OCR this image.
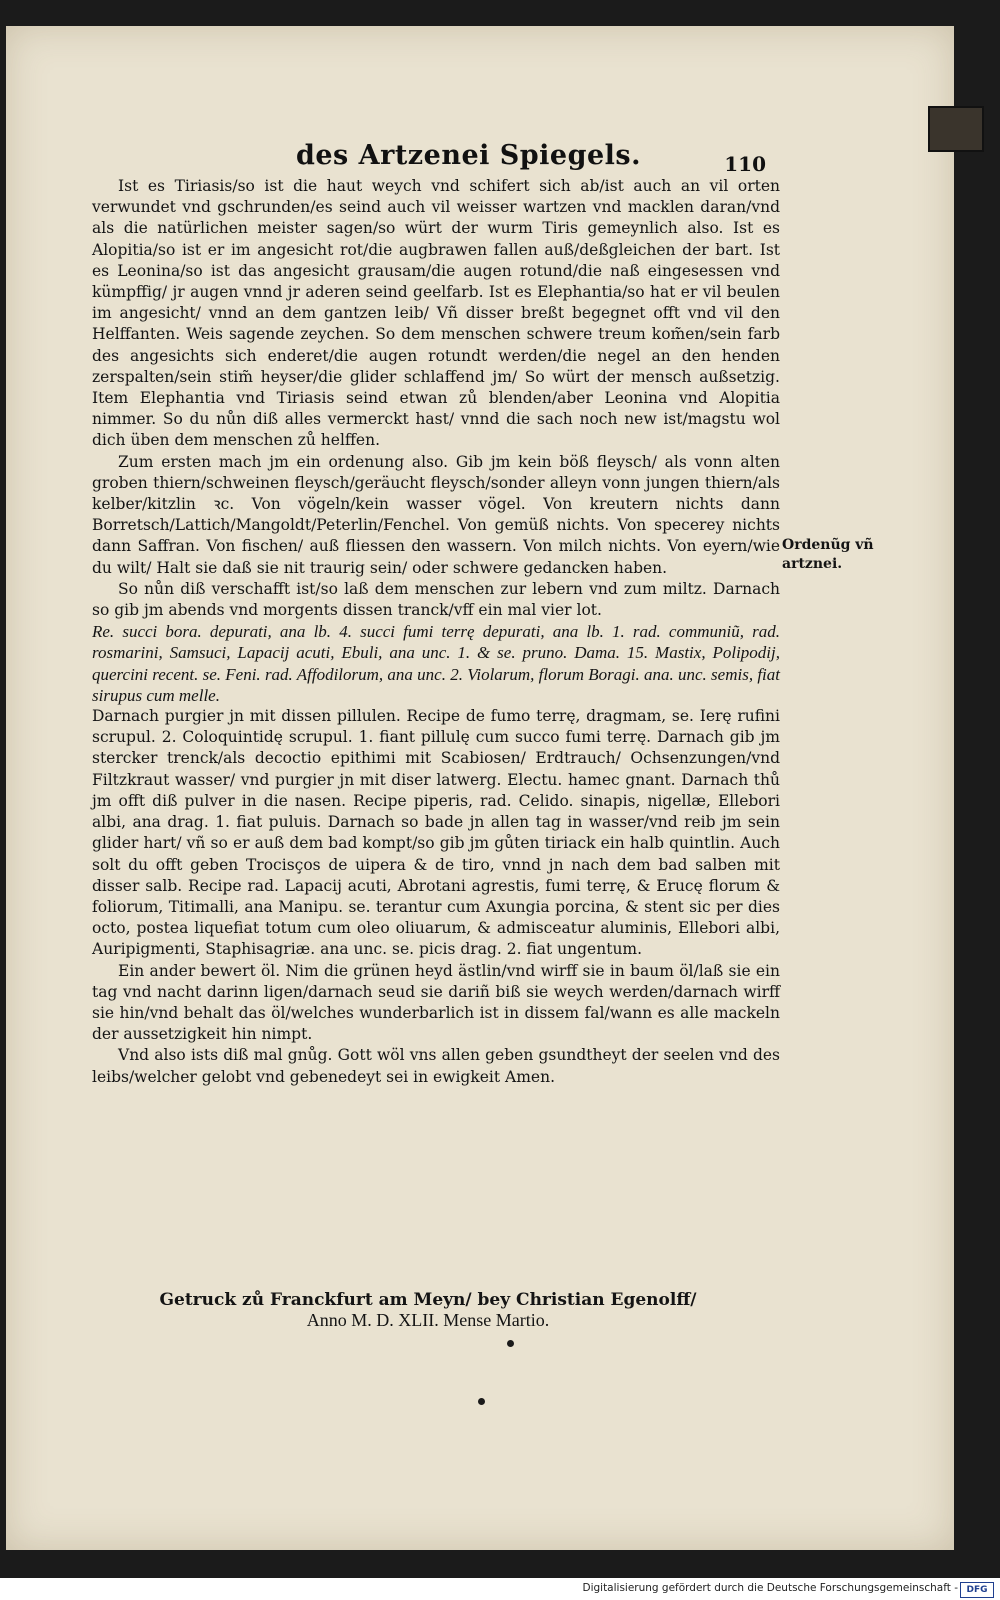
des Artzenei Spiegels.	110

Ist es Tiriasis/so ist die haut weych vnd schifert sich ab/ist auch an vil orten verwundet vnd gschrunden/es seind auch vil weisser wartzen vnd macklen daran/vnd als die natürlichen meister sagen/so würt der wurm Tiris gemeynlich also. Ist es Alopitia/so ist er im angesicht rot/die augbrawen fallen auß/deßgleichen der bart. Ist es Leonina/so ist das angesicht grausam/die augen rotund/die naß eingesessen vnd kümpffig/ jr augen vnnd jr aderen seind geelfarb. Ist es Elephantia/so hat er vil beulen im angesicht/ vnnd an dem gantzen leib/ Vñ disser breßt begegnet offt vnd vil den Helffanten. Weis sagende zeychen. So dem menschen schwere treum kom̃en/sein farb des angesichts sich enderet/die augen rotundt werden/die negel an den henden zerspalten/sein stim̃ heyser/die glider schlaffend jm/ So würt der mensch außsetzig. Item Elephantia vnd Tiriasis seind etwan zů blenden/aber Leonina vnd Alopitia nimmer. So du nůn diß alles vermerckt hast/ vnnd die sach noch new ist/magstu wol dich üben dem menschen zů helffen.

Zum ersten mach jm ein ordenung also. Gib jm kein böß fleysch/ als vonn alten groben thiern/schweinen fleysch/geräucht fleysch/sonder alleyn vonn jungen thiern/als kelber/kitzlin ꝛc. Von vögeln/kein wasser vögel. Von kreutern nichts dann Borretsch/Lattich/Mangoldt/Peterlin/Fenchel. Von gemüß nichts. Von specerey nichts dann Saffran. Von fischen/ auß fliessen den wassern. Von milch nichts. Von eyern/wie du wilt/ Halt sie daß sie nit traurig sein/ oder schwere gedancken haben.

So nůn diß verschafft ist/so laß dem menschen zur lebern vnd zum miltz. Darnach so gib jm abends vnd morgents dissen tranck/vff ein mal vier lot.

Re. succi bora. depurati, ana lb. 4. succi fumi terrę depurati, ana lb. 1. rad. communiũ, rad. rosmarini, Samsuci, Lapacij acuti, Ebuli, ana unc. 1. & se. pruno. Dama. 15. Mastix, Polipodij, quercini recent. se. Feni. rad. Affodilorum, ana unc. 2. Violarum, florum Boragi. ana. unc. semis, fiat sirupus cum melle.

Darnach purgier jn mit dissen pillulen. Recipe de fumo terrę, dragmam, se. Ierę rufini scrupul. 2. Coloquintidę scrupul. 1. fiant pillulę cum succo fumi terrę. Darnach gib jm stercker trenck/als decoctio epithimi mit Scabiosen/ Erdtrauch/ Ochsenzungen/vnd Filtzkraut wasser/ vnd purgier jn mit diser latwerg. Electu. hamec gnant. Darnach thů jm offt diß pulver in die nasen. Recipe piperis, rad. Celido. sinapis, nigellæ, Ellebori albi, ana drag. 1. fiat puluis. Darnach so bade jn allen tag in wasser/vnd reib jm sein glider hart/ vñ so er auß dem bad kompt/so gib jm gůten tiriack ein halb quintlin. Auch solt du offt geben Trocisços de uipera & de tiro, vnnd jn nach dem bad salben mit disser salb. Recipe rad. Lapacij acuti, Abrotani agrestis, fumi terrę, & Erucę florum & foliorum, Titimalli, ana Manipu. se. terantur cum Axungia porcina, & stent sic per dies octo, postea liquefiat totum cum oleo oliuarum, & admisceatur aluminis, Ellebori albi, Auripigmenti, Staphisagriæ. ana unc. se. picis drag. 2. fiat ungentum.

Ein ander bewert öl. Nim die grünen heyd ästlin/vnd wirff sie in baum öl/laß sie ein tag vnd nacht darinn ligen/darnach seud sie dariñ biß sie weych werden/darnach wirff sie hin/vnd behalt das öl/welches wunderbarlich ist in dissem fal/wann es alle mackeln der aussetzigkeit hin nimpt.

Vnd also ists diß mal gnůg. Gott wöl vns allen geben gsundtheyt der seelen vnd des leibs/welcher gelobt vnd gebenedeyt sei in ewigkeit Amen.

Ordenũg vñ artznei.
Getruck zů Franckfurt am Meyn/ bey Christian Egenolff/
Anno M. D. XLII. Mense Martio.
Digitalisierung gefördert durch die Deutsche Forschungsgemeinschaft - DFG
